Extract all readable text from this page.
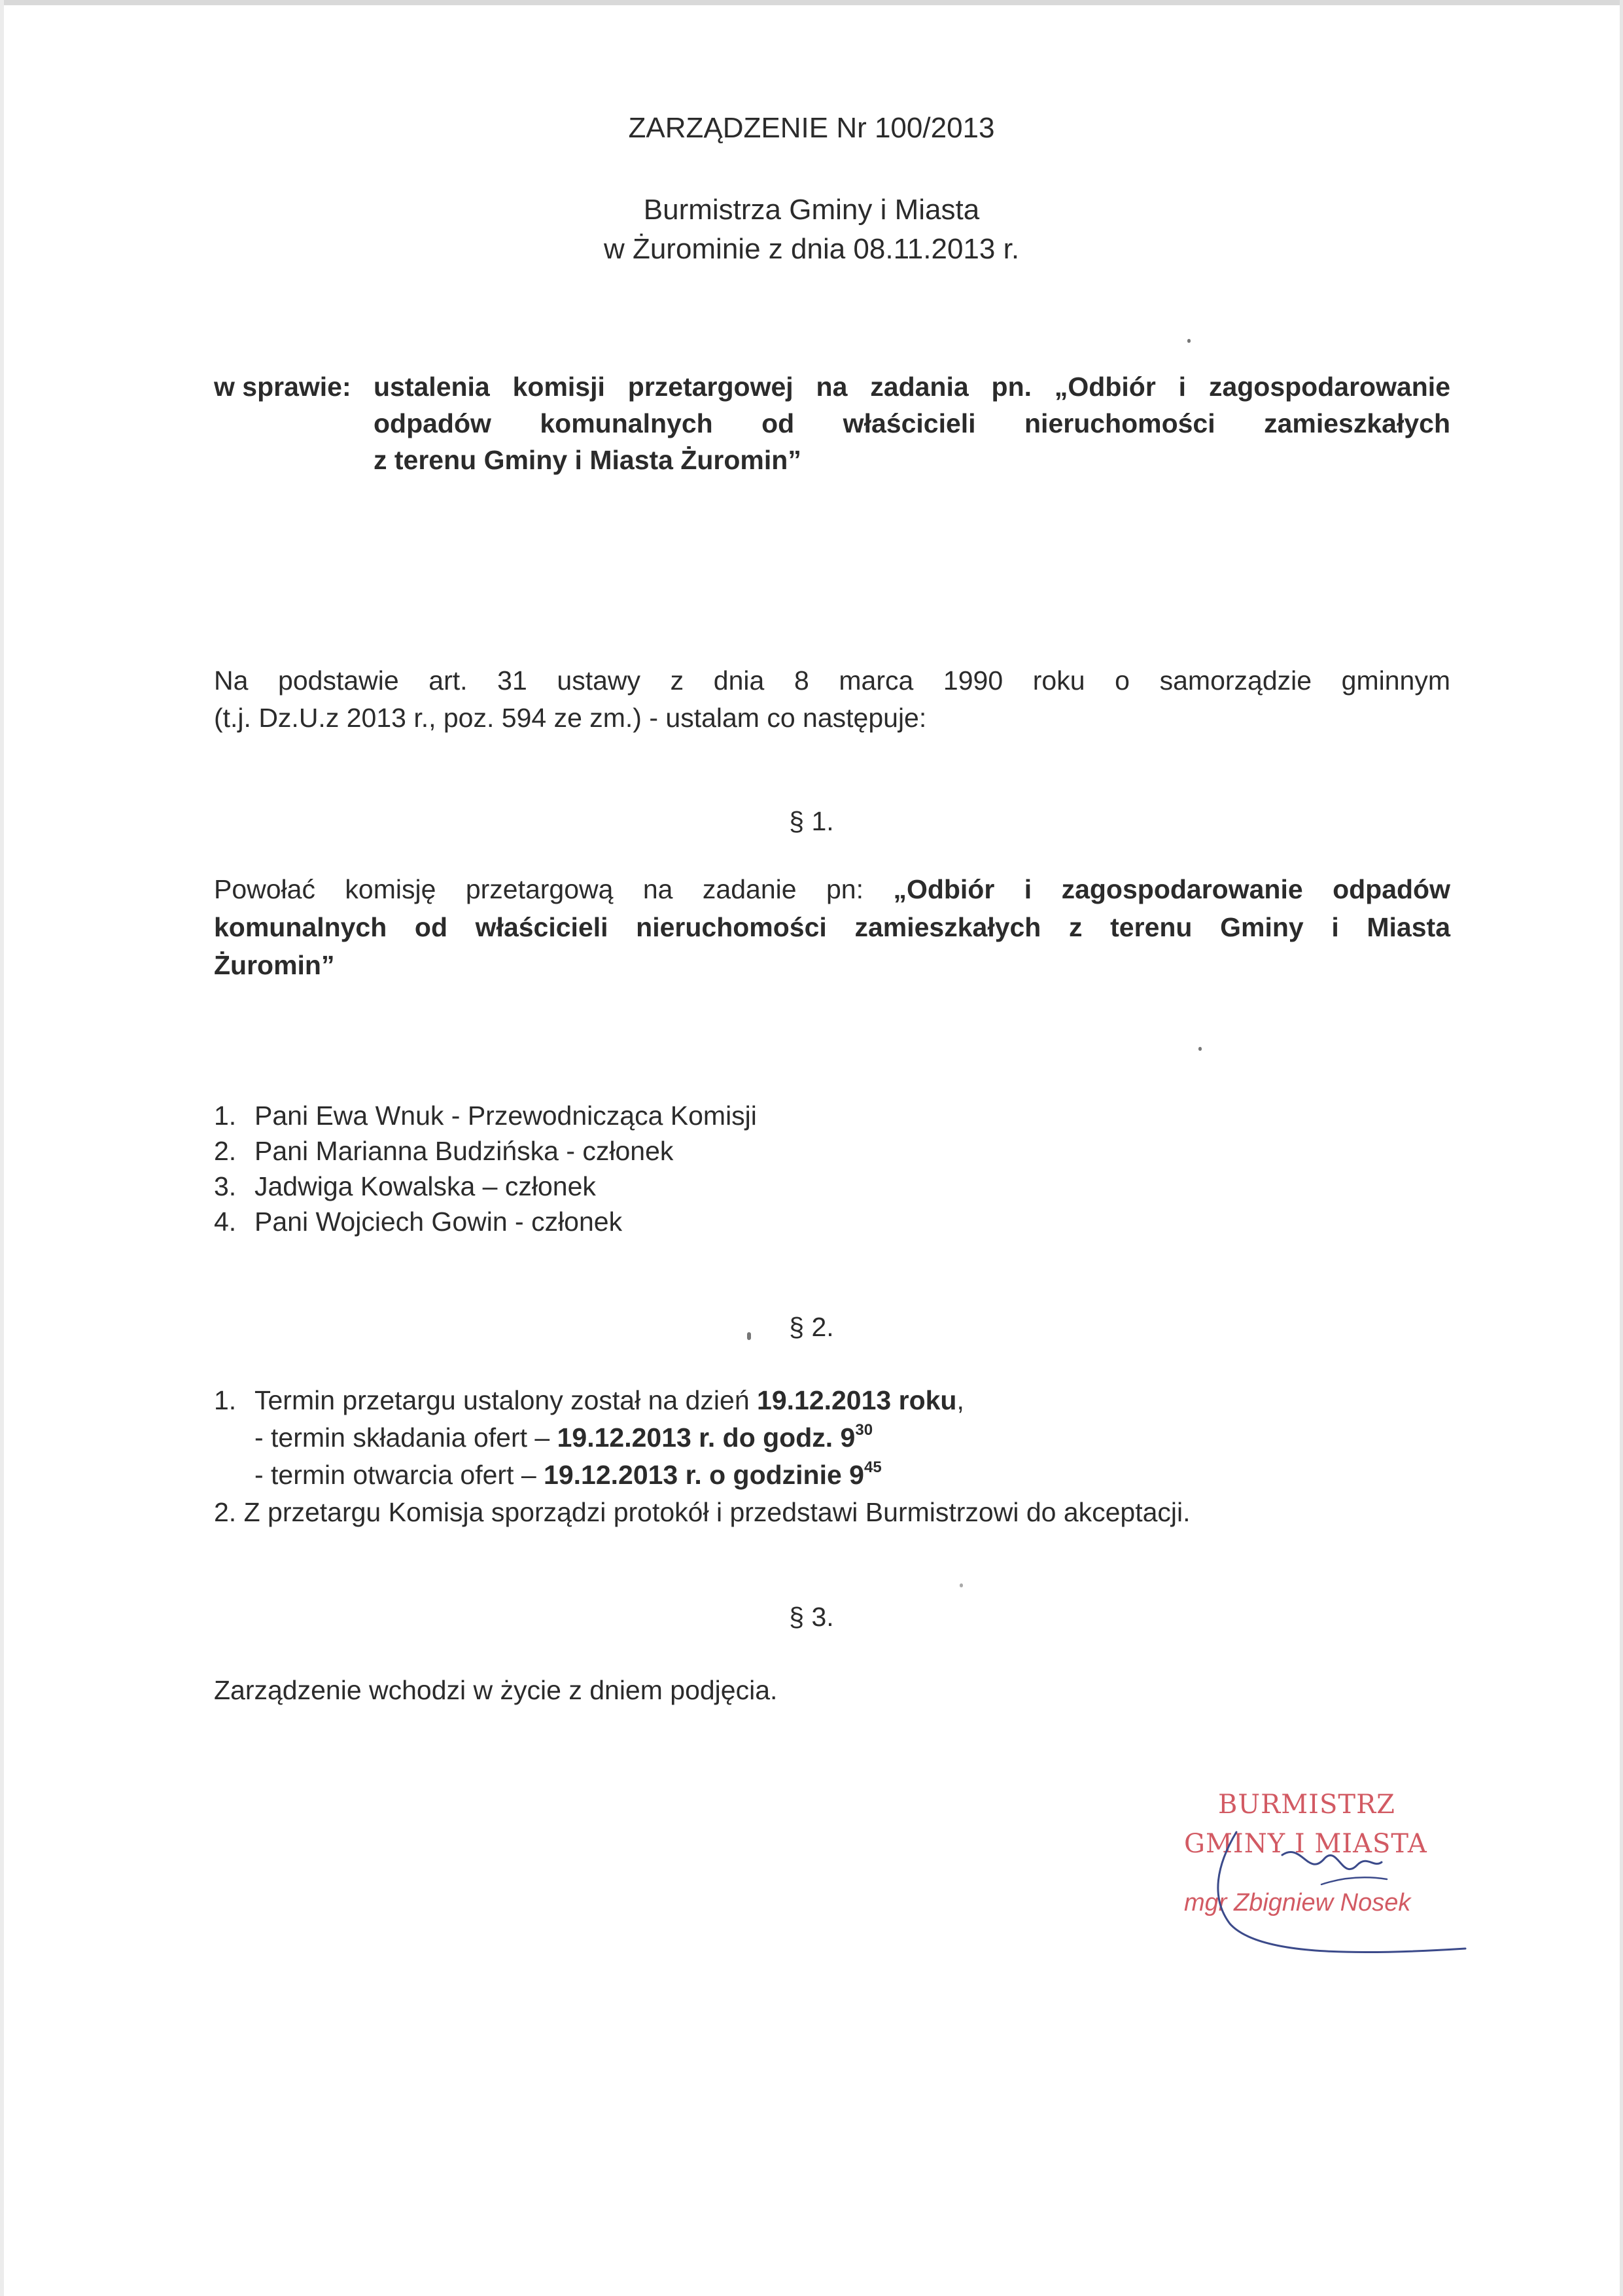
ZARZĄDZENIE Nr 100/2013
Burmistrza Gminy i Miasta
w Żurominie z dnia 08.11.2013 r.
w sprawie: ustalenia komisji przetargowej na zadania pn. „Odbiór i zagospodarowanie
odpadów komunalnych od właścicieli nieruchomości zamieszkałych
z terenu Gminy i Miasta Żuromin”
Na podstawie art. 31 ustawy z dnia 8 marca 1990 roku o samorządzie gminnym
(t.j. Dz.U.z 2013 r., poz. 594 ze zm.) - ustalam co następuje:
§ 1.
Powołać komisję przetargową na zadanie pn: „Odbiór i zagospodarowanie odpadów
komunalnych od właścicieli nieruchomości zamieszkałych z terenu Gminy i Miasta
Żuromin”
1. Pani Ewa Wnuk - Przewodnicząca Komisji
2. Pani Marianna Budzińska - członek
3. Jadwiga Kowalska – członek
4. Pani Wojciech Gowin - członek
§ 2.
1. Termin przetargu ustalony został na dzień 19.12.2013 roku,
- termin składania ofert – 19.12.2013 r. do godz. $9^{30}$
- termin otwarcia ofert – 19.12.2013 r. o godzinie $9^{45}$
2. Z przetargu Komisja sporządzi protokół i przedstawi Burmistrzowi do akceptacji.
§ 3.
Zarządzenie wchodzi w życie z dniem podjęcia.
BURMISTRZ
GMINY I MIASTA
mgr Zbigniew Nosek
